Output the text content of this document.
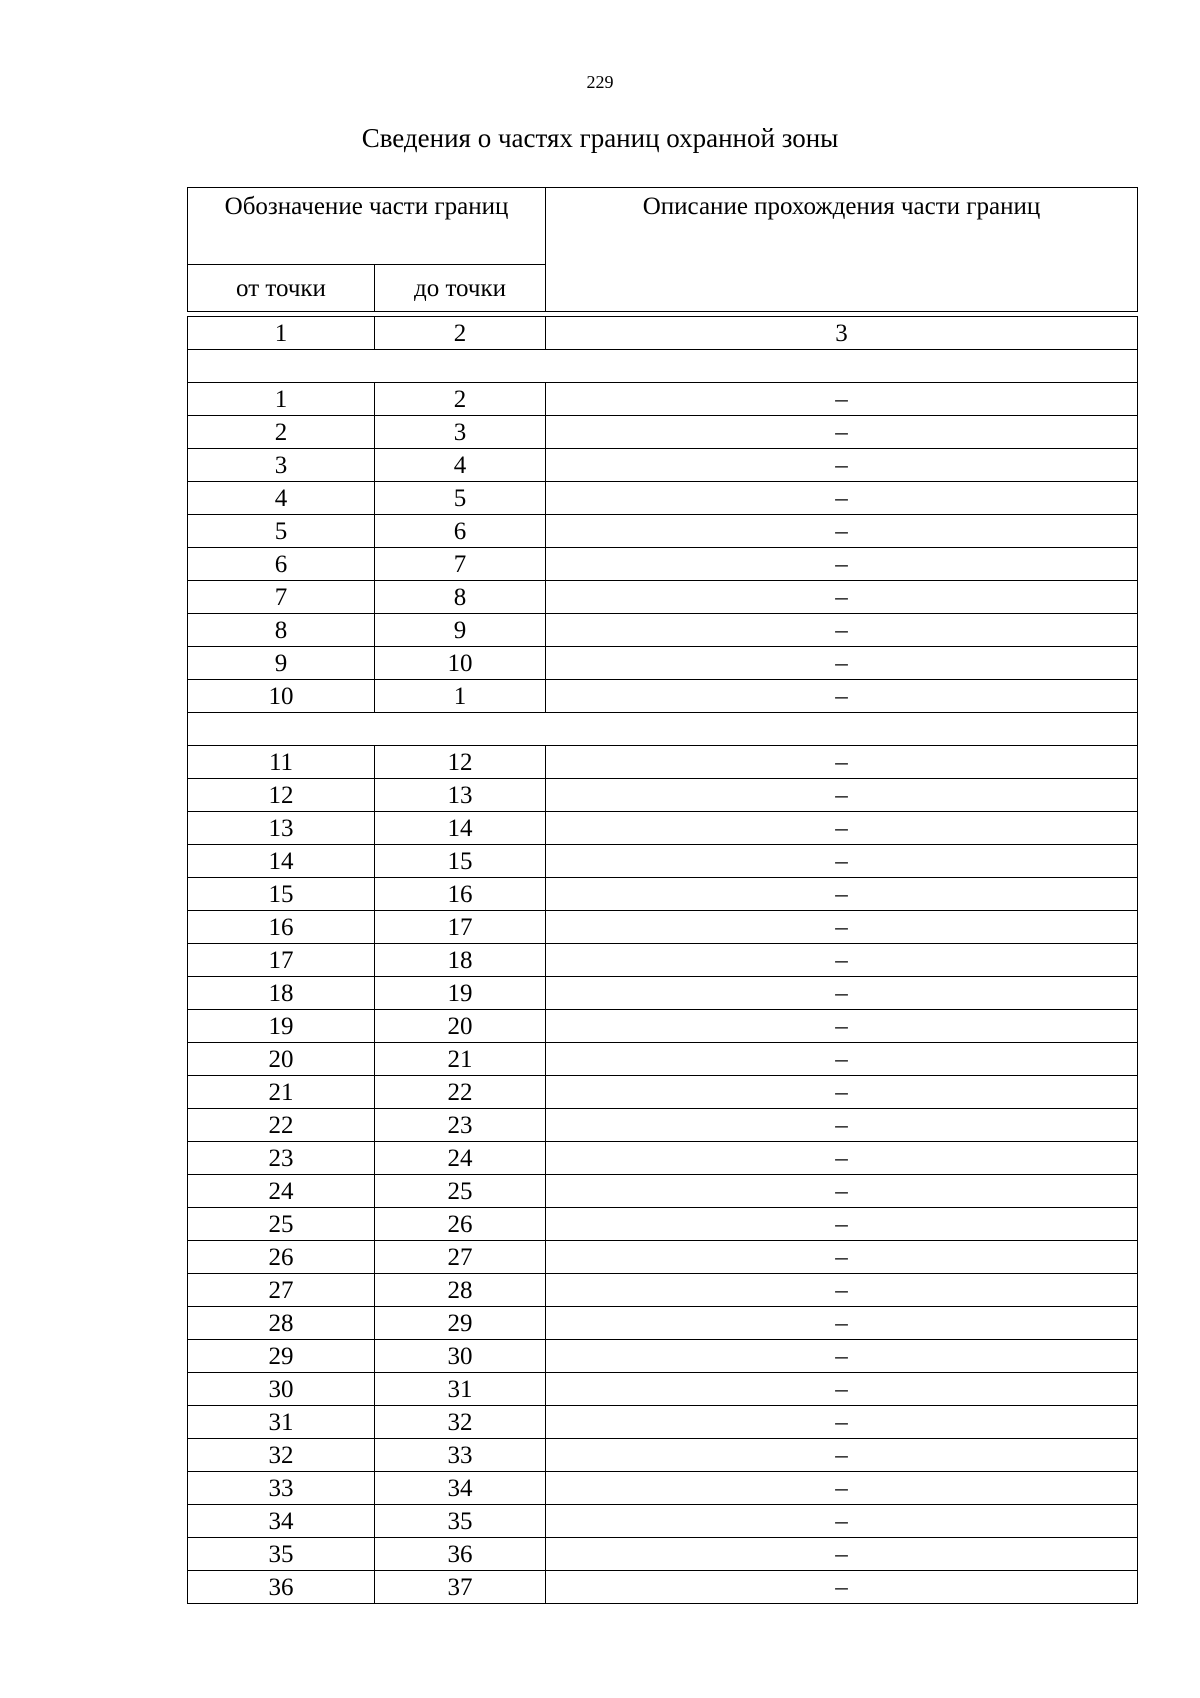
229
Сведения о частях границ охранной зоны
Обозначение части границ		Описание прохождения части границ
от точки	до точки	

1	2	3

1	2	–
2	3	–
3	4	–
4	5	–
5	6	–
6	7	–
7	8	–
8	9	–
9	10	–
10	1	–

11	12	–
12	13	–
13	14	–
14	15	–
15	16	–
16	17	–
17	18	–
18	19	–
19	20	–
20	21	–
21	22	–
22	23	–
23	24	–
24	25	–
25	26	–
26	27	–
27	28	–
28	29	–
29	30	–
30	31	–
31	32	–
32	33	–
33	34	–
34	35	–
35	36	–
36	37	–
